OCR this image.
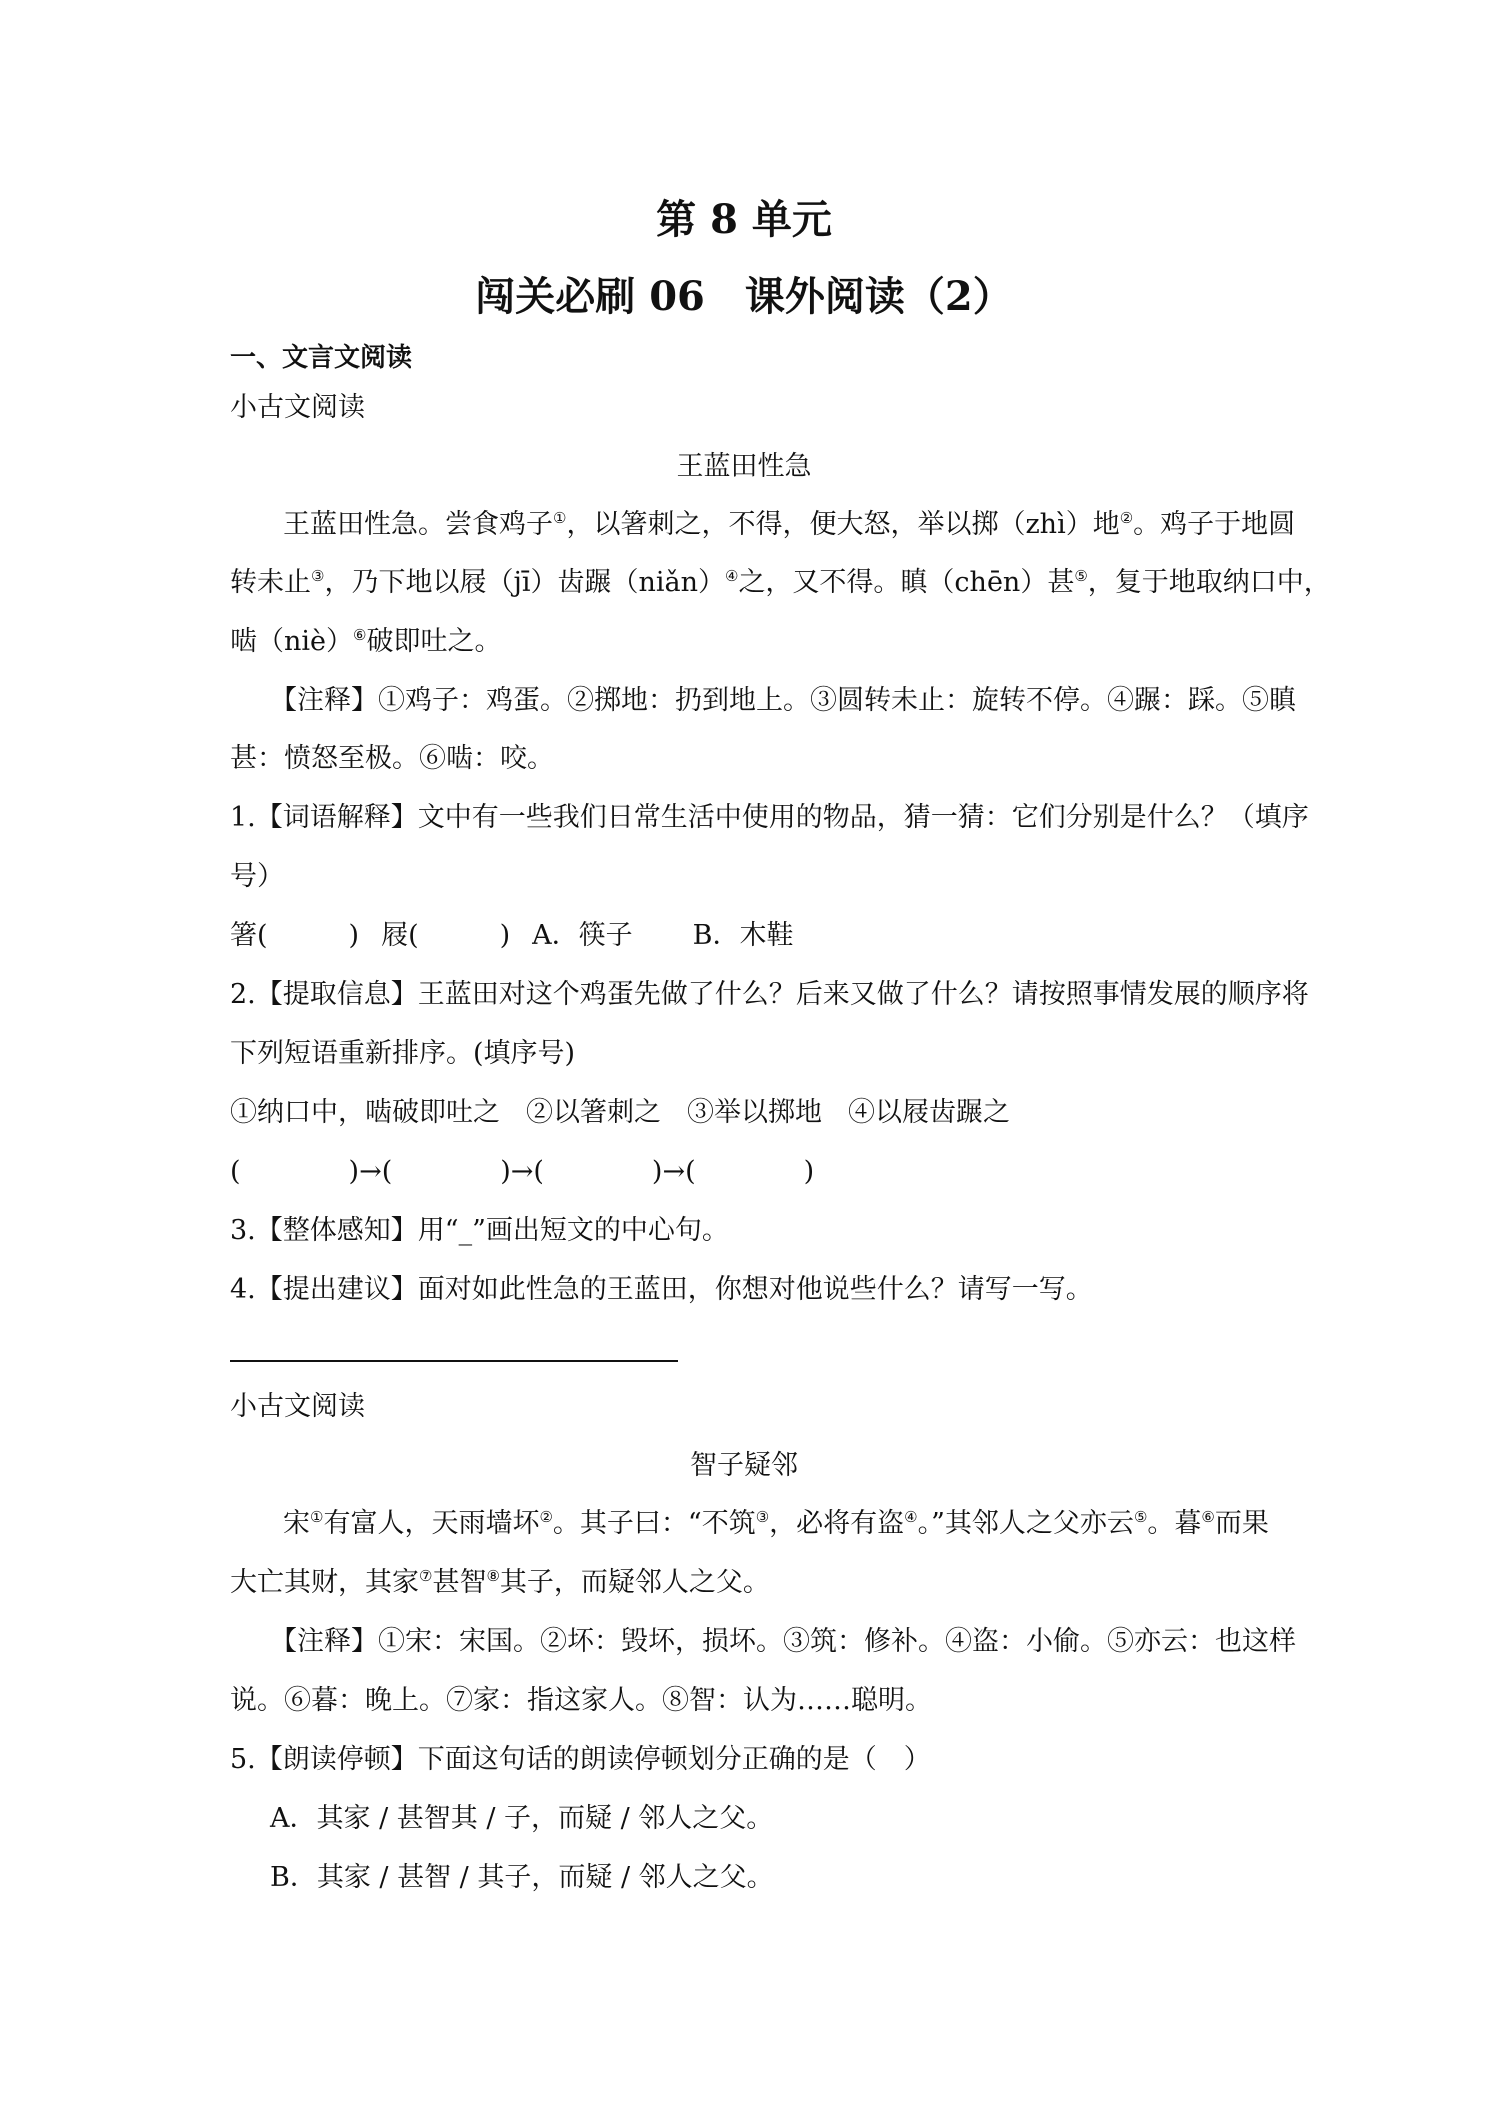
第 8 单元
闯关必刷 06　课外阅读（2）
一、文言文阅读
小古文阅读
王蓝田性急
王蓝田性急。尝食鸡子①，以箸刺之，不得，便大怒，举以掷（zhì）地②。鸡子于地圆
转未止③，乃下地以屐（jī）齿蹍（niǎn）④之，又不得。瞋（chēn）甚⑤，复于地取纳口中，
啮（niè）⑥破即吐之。
【注释】①鸡子：鸡蛋。②掷地：扔到地上。③圆转未止：旋转不停。④蹍：踩。⑤瞋
甚：愤怒至极。⑥啮：咬。
1.【词语解释】文中有一些我们日常生活中使用的物品，猜一猜：它们分别是什么？（填序
号）
箸(　　　) 屐(　　　) A．筷子 B．木鞋
2.【提取信息】王蓝田对这个鸡蛋先做了什么？后来又做了什么？请按照事情发展的顺序将
下列短语重新排序。(填序号)
①纳口中，啮破即吐之 ②以箸刺之 ③举以掷地 ④以屐齿蹍之
(　　　　)→(　　　　)→(　　　　)→(　　　　)
3.【整体感知】用“_”画出短文的中心句。
4.【提出建议】面对如此性急的王蓝田，你想对他说些什么？请写一写。
小古文阅读
智子疑邻
宋①有富人，天雨墙坏②。其子曰：“不筑③，必将有盗④。”其邻人之父亦云⑤。暮⑥而果
大亡其财，其家⑦甚智⑧其子，而疑邻人之父。
【注释】①宋：宋国。②坏：毁坏，损坏。③筑：修补。④盗：小偷。⑤亦云：也这样
说。⑥暮：晚上。⑦家：指这家人。⑧智：认为……聪明。
5.【朗读停顿】下面这句话的朗读停顿划分正确的是（　）
A．其家 / 甚智其 / 子，而疑 / 邻人之父。
B．其家 / 甚智 / 其子，而疑 / 邻人之父。
